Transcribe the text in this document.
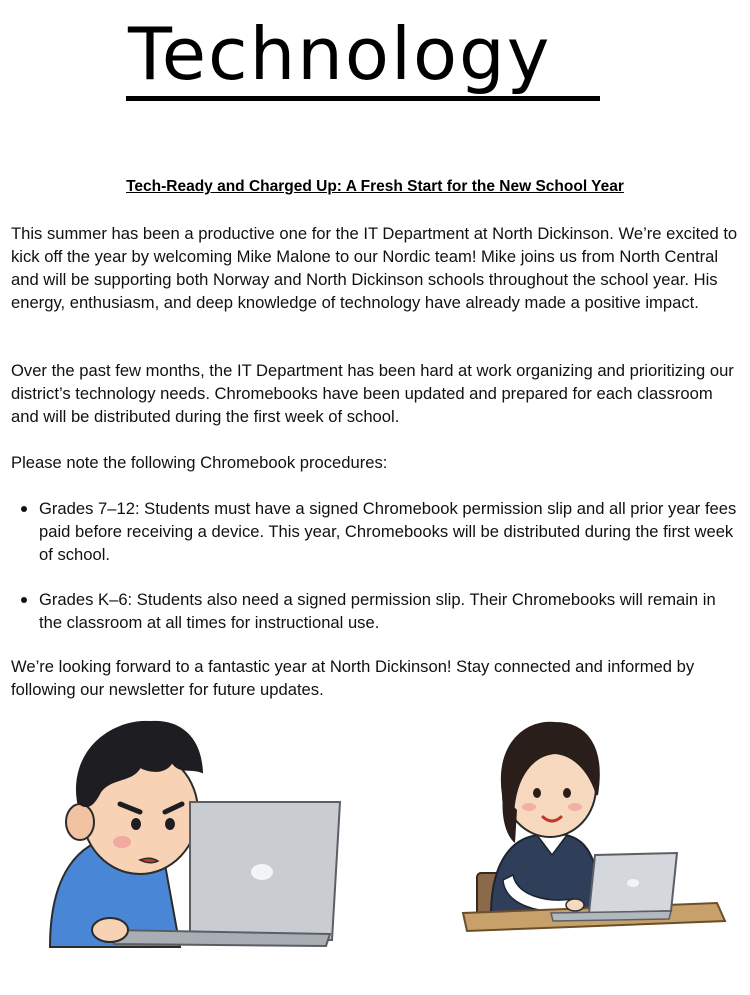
Technology
Tech-Ready and Charged Up: A Fresh Start for the New School Year

This summer has been a productive one for the IT Department at North Dickinson. We’re excited to kick off the year by welcoming Mike Malone to our Nordic team! Mike joins us from North Central and will be supporting both Norway and North Dickinson schools throughout the school year. His energy, enthusiasm, and deep knowledge of technology have already made a positive impact.

Over the past few months, the IT Department has been hard at work organizing and prioritizing our district’s technology needs. Chromebooks have been updated and prepared for each classroom and will be distributed during the first week of school.

Please note the following Chromebook procedures:

Grades 7–12: Students must have a signed Chromebook permission slip and all prior year fees paid before receiving a device. This year, Chromebooks will be distributed during the first week of school.
Grades K–6: Students also need a signed permission slip. Their Chromebooks will remain in the classroom at all times for instructional use.

We’re looking forward to a fantastic year at North Dickinson! Stay connected and informed by following our newsletter for future updates.
